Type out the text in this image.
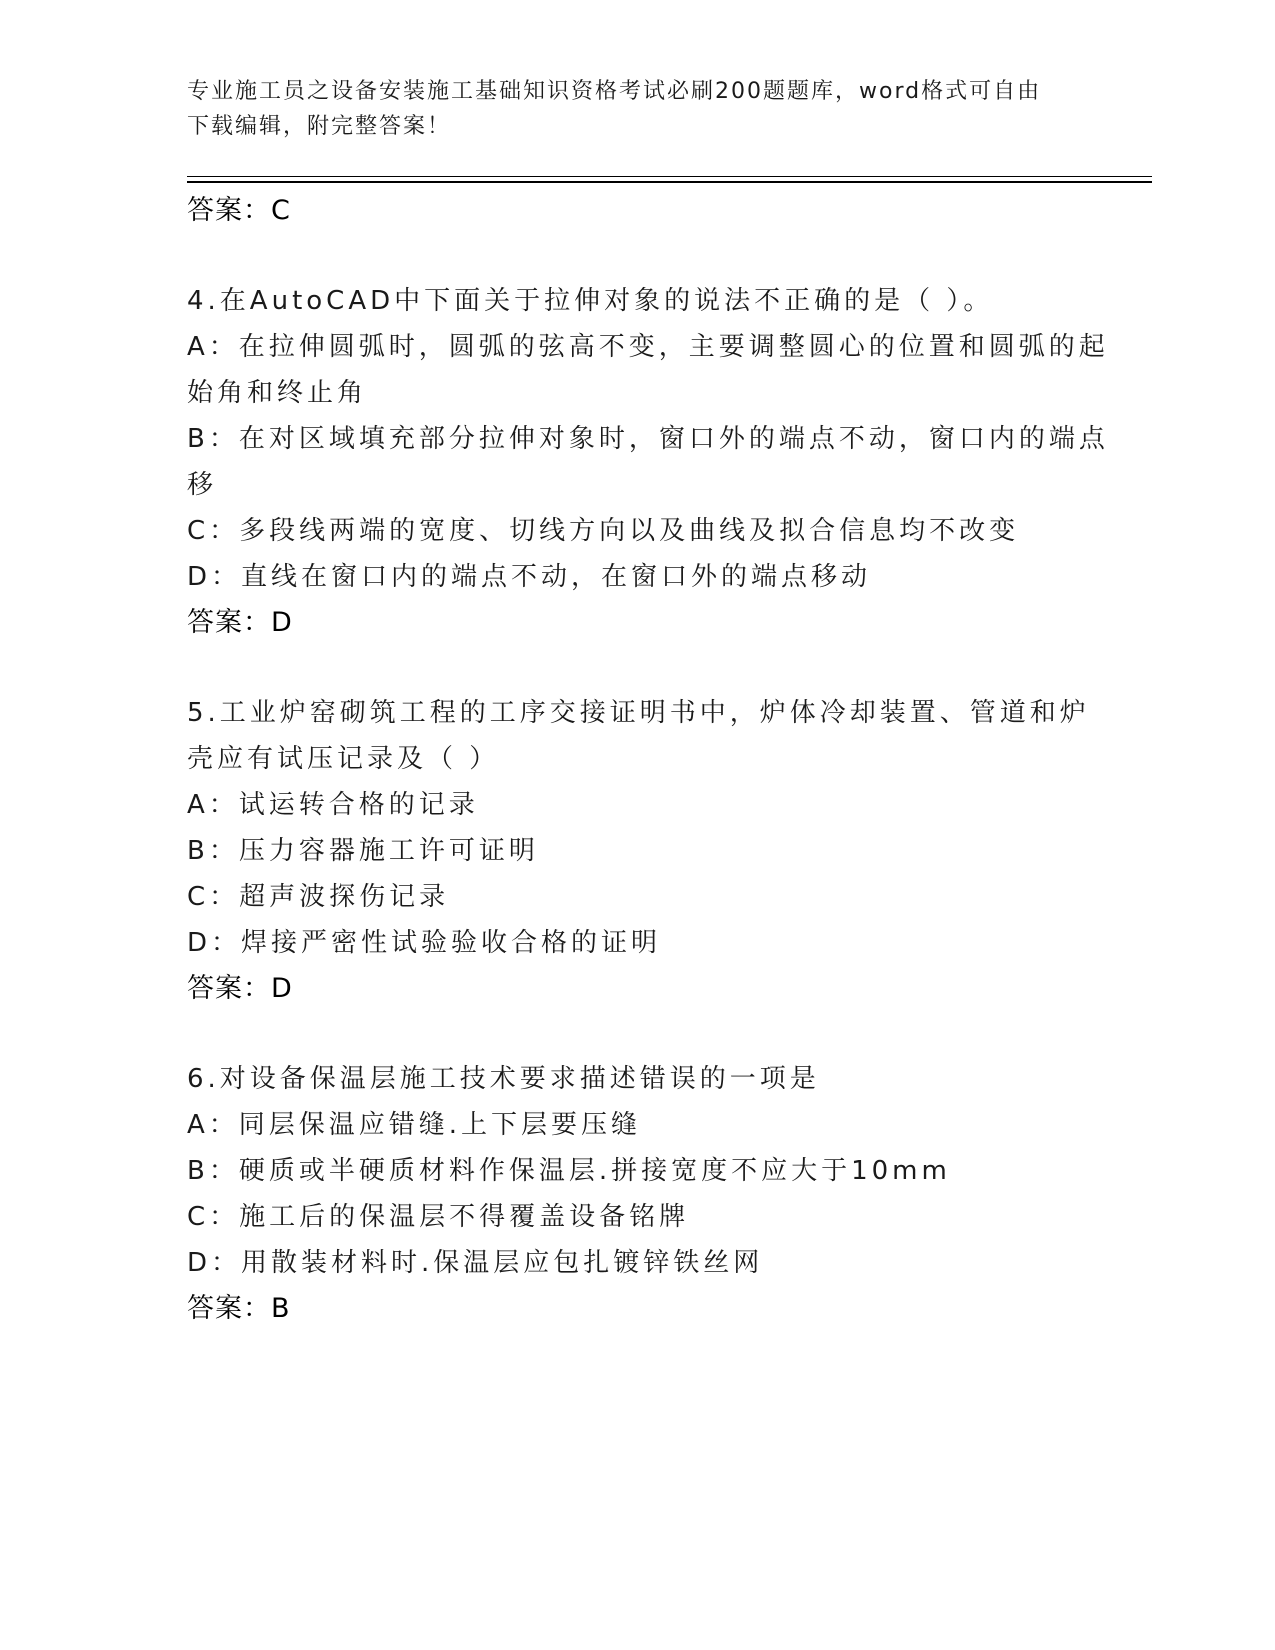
专业施工员之设备安装施工基础知识资格考试必刷200题题库，word格式可自由
下载编辑，附完整答案！
答案：C
4.在AutoCAD中下面关于拉伸对象的说法不正确的是（ ）。
A：在拉伸圆弧时，圆弧的弦高不变，主要调整圆心的位置和圆弧的起
始角和终止角
B：在对区域填充部分拉伸对象时，窗口外的端点不动，窗口内的端点
移
C：多段线两端的宽度、切线方向以及曲线及拟合信息均不改变
D：直线在窗口内的端点不动，在窗口外的端点移动
答案：D
5.工业炉窑砌筑工程的工序交接证明书中，炉体冷却装置、管道和炉
壳应有试压记录及（ ）
A：试运转合格的记录
B：压力容器施工许可证明
C：超声波探伤记录
D：焊接严密性试验验收合格的证明
答案：D
6.对设备保温层施工技术要求描述错误的一项是
A：同层保温应错缝.上下层要压缝
B：硬质或半硬质材料作保温层.拼接宽度不应大于10mm
C：施工后的保温层不得覆盖设备铭牌
D：用散装材料时.保温层应包扎镀锌铁丝网
答案：B
